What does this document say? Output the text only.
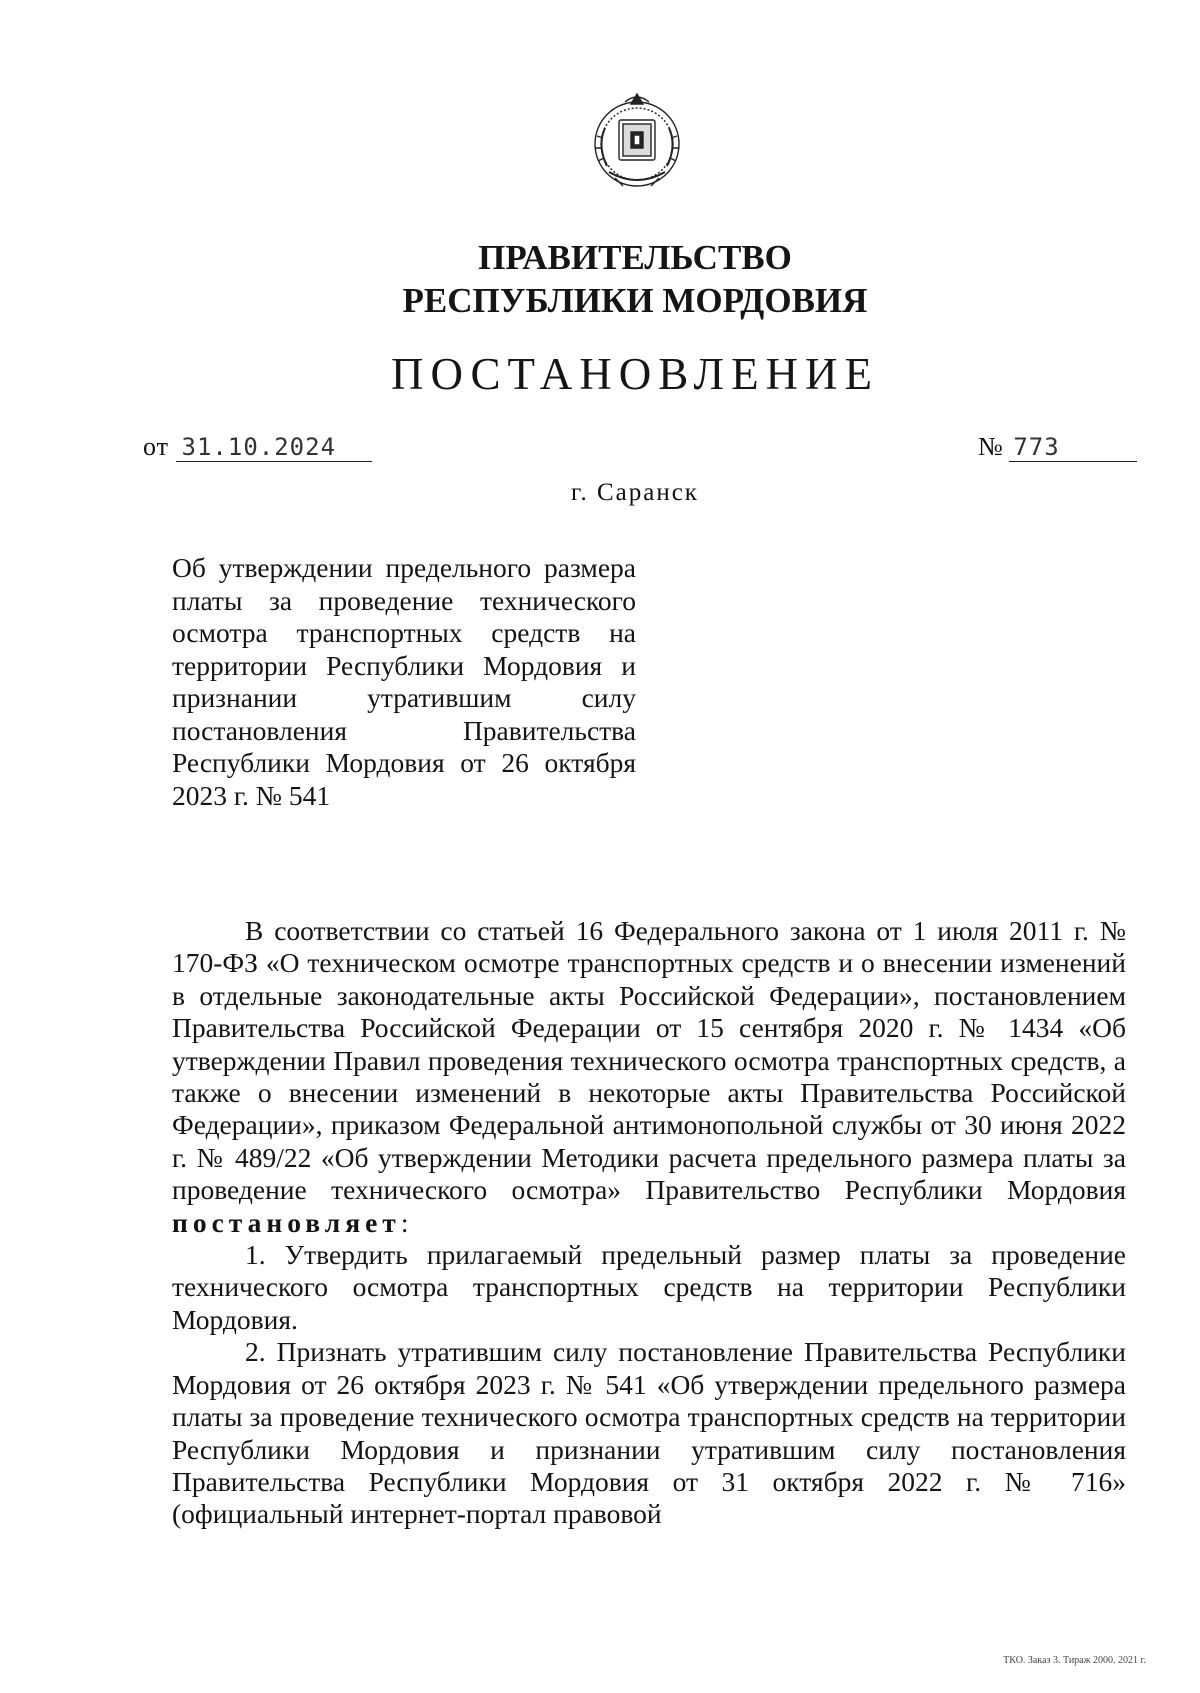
ПРАВИТЕЛЬСТВО
РЕСПУБЛИКИ МОРДОВИЯ
ПОСТАНОВЛЕНИЕ
от 31.10.2024	№ 773
г. Саранск
Об утверждении предельного размера платы за проведение технического осмотра транспортных средств на территории Республики Мордовия и признании утратившим силу постановления Правительства Республики Мордовия от 26 октября 2023 г. № 541

В соответствии со статьей 16 Федерального закона от 1 июля 2011 г. № 170-ФЗ «О техническом осмотре транспортных средств и о внесении изменений в отдельные законодательные акты Российской Федерации», постановлением Правительства Российской Федерации от 15 сентября 2020 г. № 1434 «Об утверждении Правил проведения технического осмотра транспортных средств, а также о внесении изменений в некоторые акты Правительства Российской Федерации», приказом Федеральной антимонопольной службы от 30 июня 2022 г. № 489/22 «Об утверждении Методики расчета предельного размера платы за проведение технического осмотра» Правительство Республики Мордовия постановляет:

1. Утвердить прилагаемый предельный размер платы за проведение технического осмотра транспортных средств на территории Республики Мордовия.

2. Признать утратившим силу постановление Правительства Республики Мордовия от 26 октября 2023 г. № 541 «Об утверждении предельного размера платы за проведение технического осмотра транспортных средств на территории Республики Мордовия и признании утратившим силу постановления Правительства Республики Мордовия от 31 октября 2022 г. № 716» (официальный интернет-портал правовой

ТКО. Заказ 3. Тираж 2000. 2021 г.
